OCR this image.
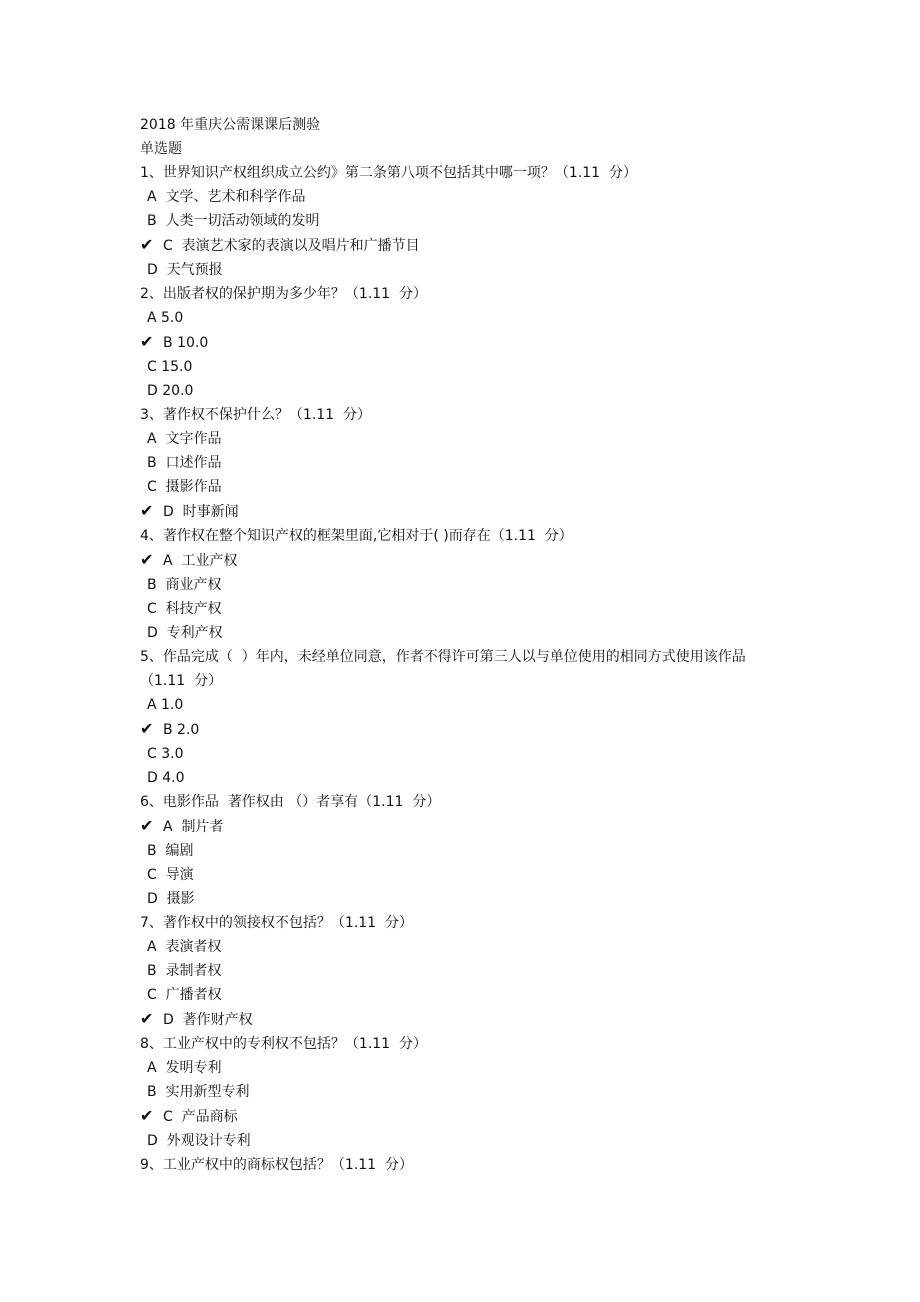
2018 年重庆公需课课后测验
单选题
1、世界知识产权组织成立公约》第二条第八项不包括其中哪一项？（1.11  分）
A  文学、艺术和科学作品
B  人类一切活动领域的发明
✔ C  表演艺术家的表演以及唱片和广播节目
D  天气预报
2、出版者权的保护期为多少年？（1.11  分）
A 5.0
✔ B 10.0
C 15.0
D 20.0
3、著作权不保护什么？（1.11  分）
A  文字作品
B  口述作品
C  摄影作品
✔ D  时事新闻
4、著作权在整个知识产权的框架里面,它相对于( )而存在（1.11  分）
✔ A  工业产权
B  商业产权
C  科技产权
D  专利产权
5、作品完成（  ）年内，未经单位同意，作者不得许可第三人以与单位使用的相同方式使用该作品（1.11  分）
A 1.0
✔ B 2.0
C 3.0
D 4.0
6、电影作品  著作权由 （）者享有（1.11  分）
✔ A  制片者
B  编剧
C  导演
D  摄影
7、著作权中的领接权不包括？（1.11  分）
A  表演者权
B  录制者权
C  广播者权
✔ D  著作财产权
8、工业产权中的专利权不包括？（1.11  分）
A  发明专利
B  实用新型专利
✔ C  产品商标
D  外观设计专利
9、工业产权中的商标权包括？（1.11  分）
